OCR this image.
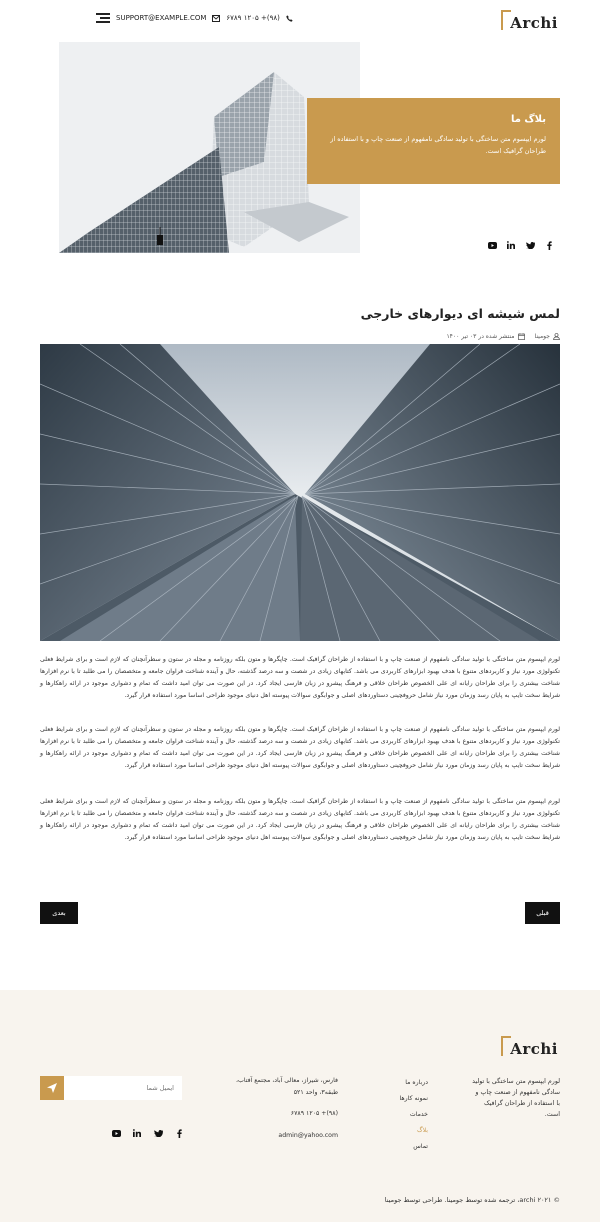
Archi
SUPPORT@EXAMPLE.COM	(۹۸)+ ۱۲۰۵ ۶۷۸۹
بلاگ ما

لورم ایپسوم متن ساختگی با تولید سادگی نامفهوم از صنعت چاپ و با استفاده از طراحان گرافیک است.

لمس شیشه ای دیوارهای خارجی
جومینا
منتشر شده در ۰۳ تیر ۱۴۰۰

لورم ایپسوم متن ساختگی با تولید سادگی نامفهوم از صنعت چاپ و با استفاده از طراحان گرافیک است. چاپگرها و متون بلکه روزنامه و مجله در ستون و سطرآنچنان که لازم است و برای شرایط فعلی تکنولوژی مورد نیاز و کاربردهای متنوع با هدف بهبود ابزارهای کاربردی می باشد. کتابهای زیادی در شصت و سه درصد گذشته، حال و آینده شناخت فراوان جامعه و متخصصان را می طلبد تا با نرم افزارها شناخت بیشتری را برای طراحان رایانه ای علی الخصوص طراحان خلاقی و فرهنگ پیشرو در زبان فارسی ایجاد کرد. در این صورت می توان امید داشت که تمام و دشواری موجود در ارائه راهکارها و شرایط سخت تایپ به پایان رسد وزمان مورد نیاز شامل حروفچینی دستاوردهای اصلی و جوابگوی سوالات پیوسته اهل دنیای موجود طراحی اساسا مورد استفاده قرار گیرد.

لورم ایپسوم متن ساختگی با تولید سادگی نامفهوم از صنعت چاپ و با استفاده از طراحان گرافیک است. چاپگرها و متون بلکه روزنامه و مجله در ستون و سطرآنچنان که لازم است و برای شرایط فعلی تکنولوژی مورد نیاز و کاربردهای متنوع با هدف بهبود ابزارهای کاربردی می باشد. کتابهای زیادی در شصت و سه درصد گذشته، حال و آینده شناخت فراوان جامعه و متخصصان را می طلبد تا با نرم افزارها شناخت بیشتری را برای طراحان رایانه ای علی الخصوص طراحان خلاقی و فرهنگ پیشرو در زبان فارسی ایجاد کرد. در این صورت می توان امید داشت که تمام و دشواری موجود در ارائه راهکارها و شرایط سخت تایپ به پایان رسد وزمان مورد نیاز شامل حروفچینی دستاوردهای اصلی و جوابگوی سوالات پیوسته اهل دنیای موجود طراحی اساسا مورد استفاده قرار گیرد.

لورم ایپسوم متن ساختگی با تولید سادگی نامفهوم از صنعت چاپ و با استفاده از طراحان گرافیک است. چاپگرها و متون بلکه روزنامه و مجله در ستون و سطرآنچنان که لازم است و برای شرایط فعلی تکنولوژی مورد نیاز و کاربردهای متنوع با هدف بهبود ابزارهای کاربردی می باشد. کتابهای زیادی در شصت و سه درصد گذشته، حال و آینده شناخت فراوان جامعه و متخصصان را می طلبد تا با نرم افزارها شناخت بیشتری را برای طراحان رایانه ای علی الخصوص طراحان خلاقی و فرهنگ پیشرو در زبان فارسی ایجاد کرد. در این صورت می توان امید داشت که تمام و دشواری موجود در ارائه راهکارها و شرایط سخت تایپ به پایان رسد وزمان مورد نیاز شامل حروفچینی دستاوردهای اصلی و جوابگوی سوالات پیوسته اهل دنیای موجود طراحی اساسا مورد استفاده قرار گیرد.

قبلی
بعدی
Archi

لورم ایپسوم متن ساختگی با تولید سادگی نامفهوم از صنعت چاپ و با استفاده از طراحان گرافیک است.

درباره ما
نمونه کارها
خدمات
بلاگ
تماس

فارس، شیراز، معالی آباد، مجتمع آفتاب، طبقه۳، واحد ۵۲۱

(۹۸)+ ۱۲۰۵ ۶۷۸۹

admin@yahoo.com

ایمیل شما

© archi ۲۰۲۱، ترجمه شده توسط جومینا. طراحی توسط جومینا
